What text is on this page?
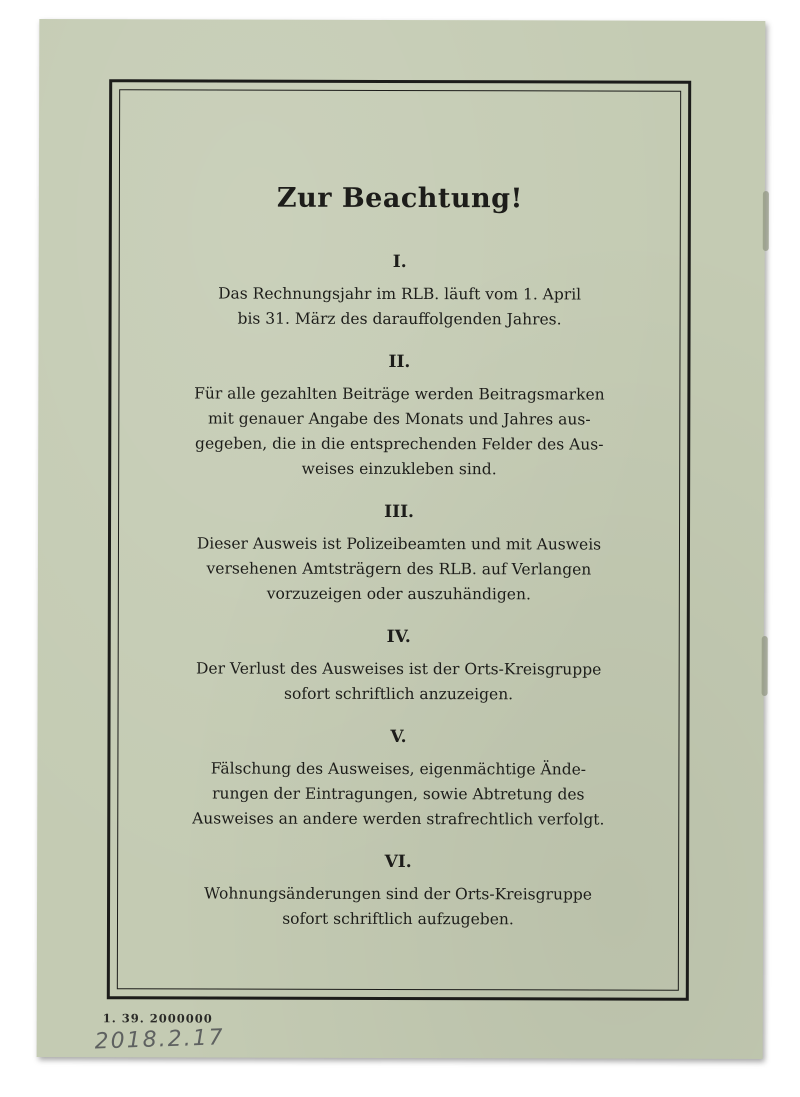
Zur Beachtung!
I.
Das Rechnungsjahr im RLB. läuft vom 1. April
bis 31. März des darauffolgenden Jahres.
II.
Für alle gezahlten Beiträge werden Beitragsmarken
mit genauer Angabe des Monats und Jahres aus-
gegeben, die in die entsprechenden Felder des Aus-
weises einzukleben sind.
III.
Dieser Ausweis ist Polizeibeamten und mit Ausweis
versehenen Amtsträgern des RLB. auf Verlangen
vorzuzeigen oder auszuhändigen.
IV.
Der Verlust des Ausweises ist der Orts-Kreisgruppe
sofort schriftlich anzuzeigen.
V.
Fälschung des Ausweises, eigenmächtige Ände-
rungen der Eintragungen, sowie Abtretung des
Ausweises an andere werden strafrechtlich verfolgt.
VI.
Wohnungsänderungen sind der Orts-Kreisgruppe
sofort schriftlich aufzugeben.
1. 39. 2000000
2018.2.17
